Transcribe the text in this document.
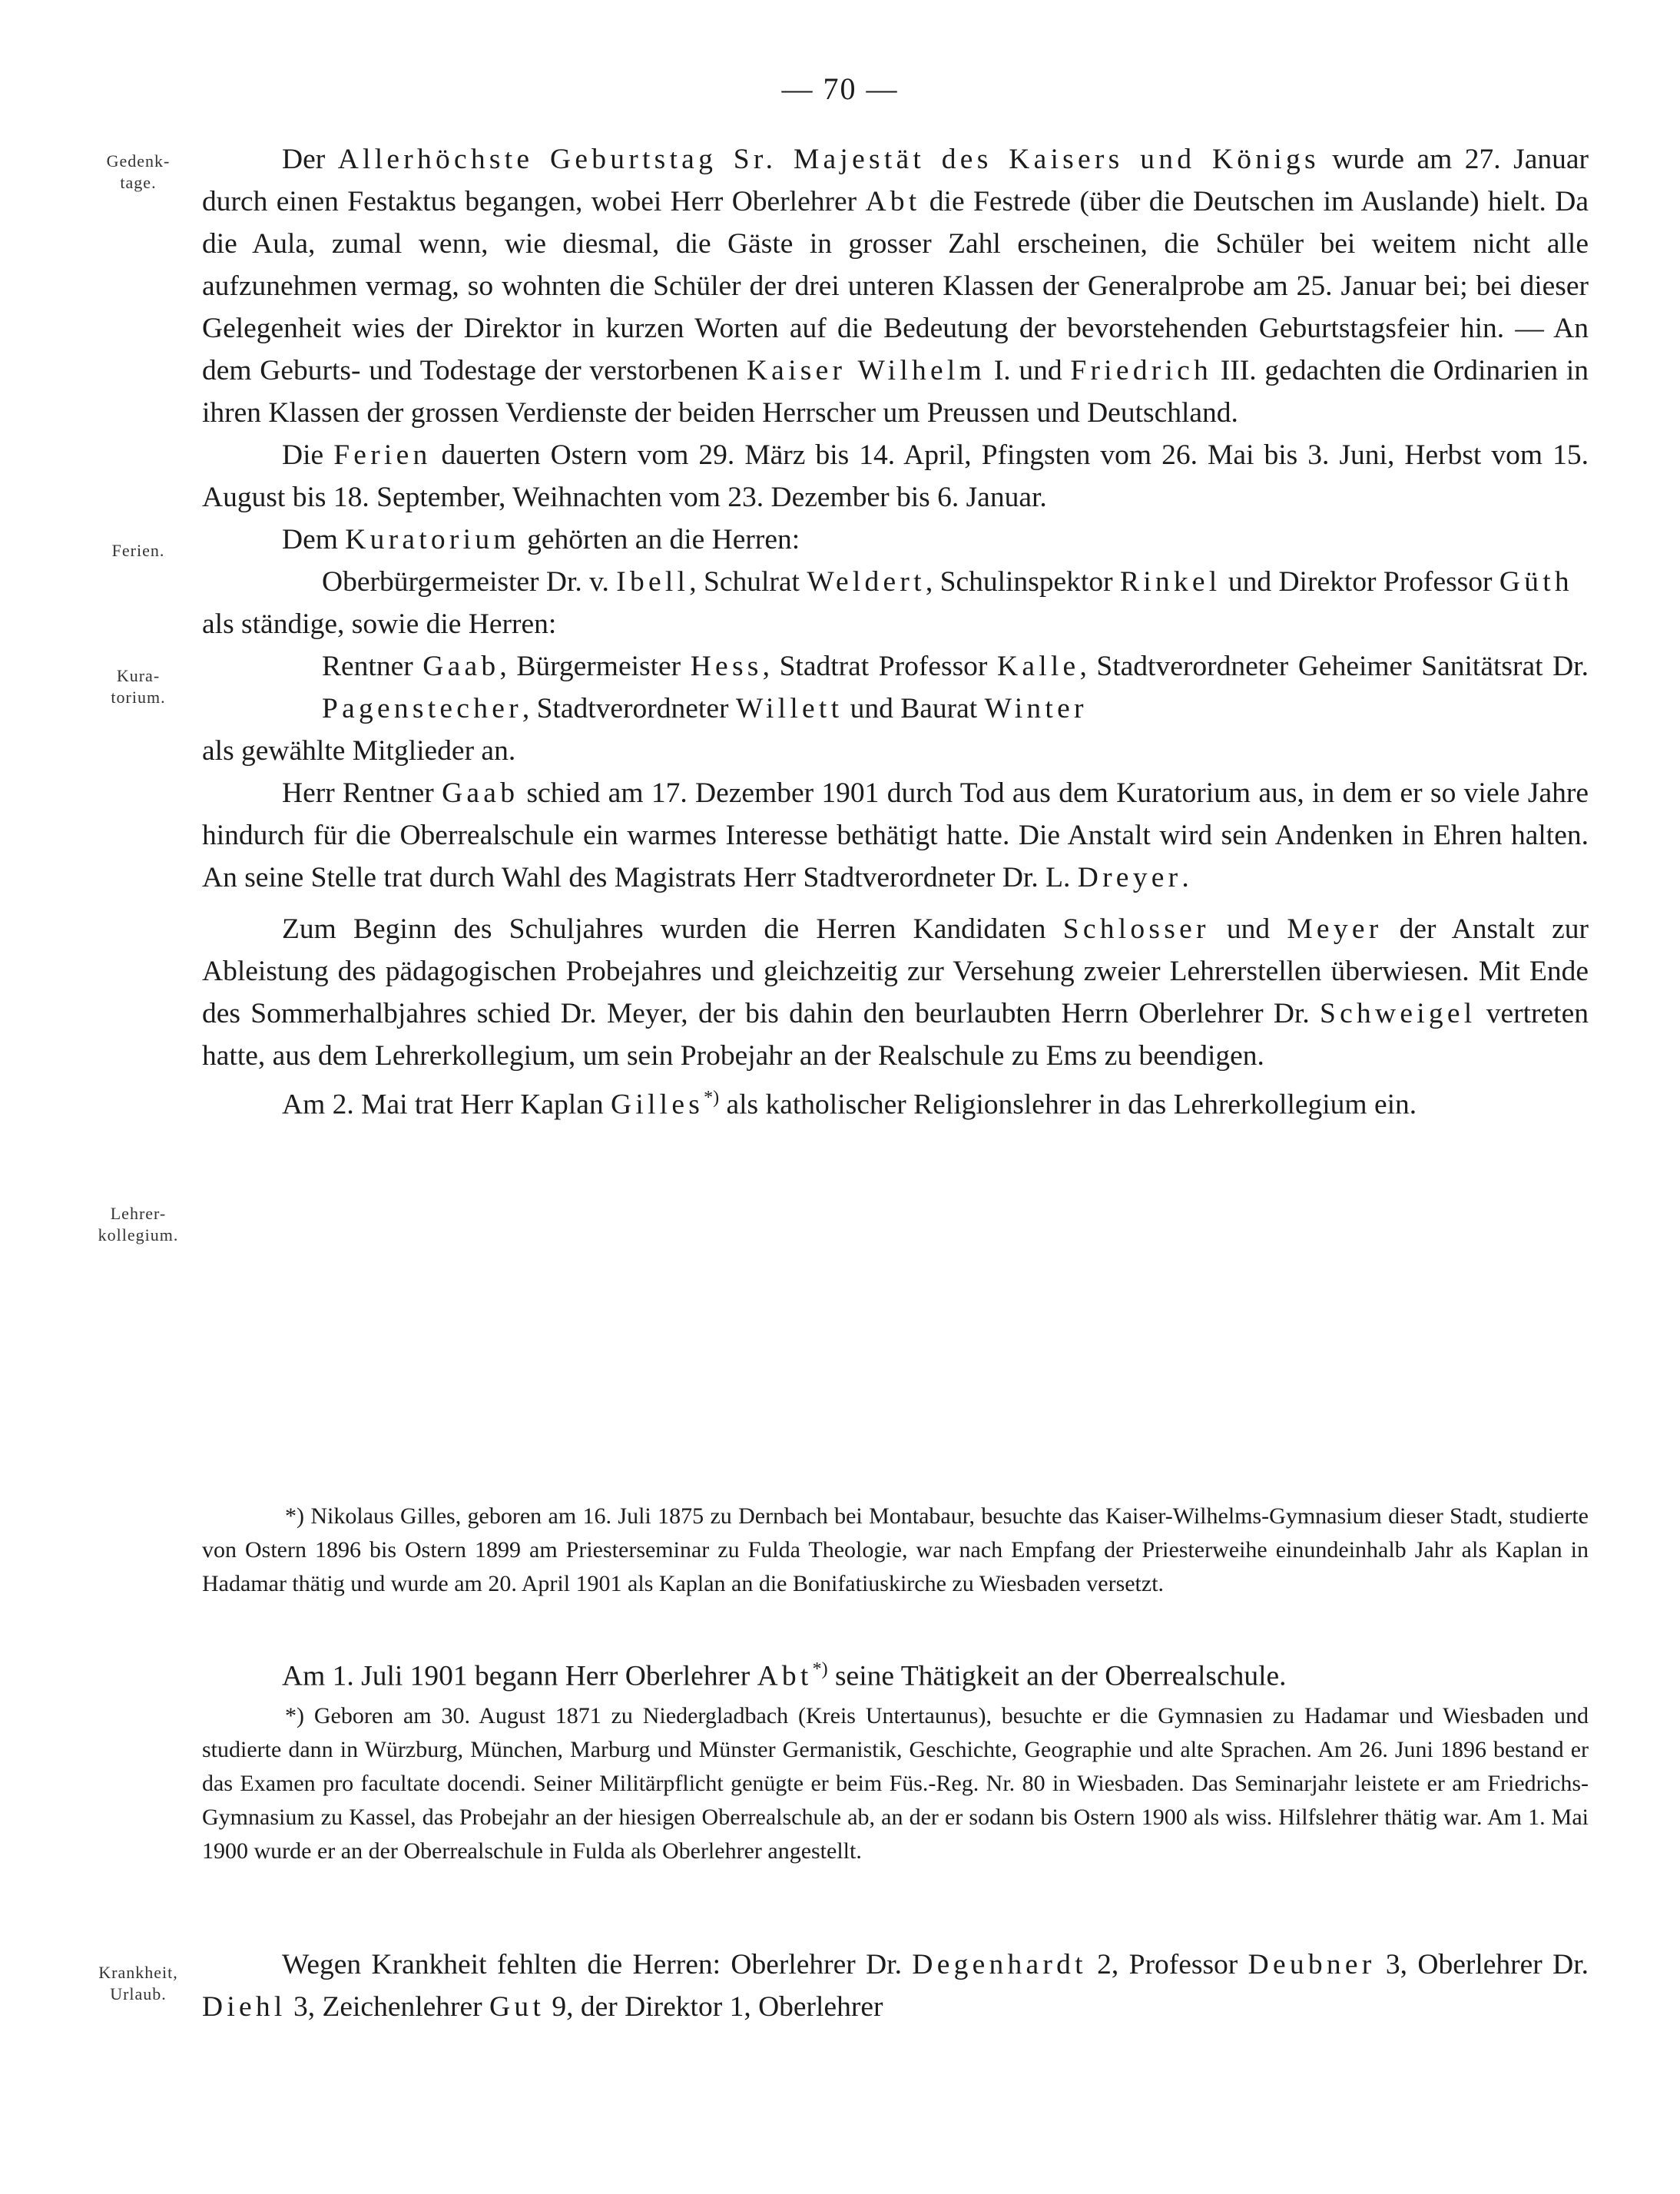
— 70 —
Gedenk-
tage.
Ferien.
Kura-
torium.
Lehrer-
kollegium.
Krankheit,
Urlaub.

Der Allerhöchste Geburtstag Sr. Majestät des Kaisers und Königs wurde am 27. Januar durch einen Festaktus begangen, wobei Herr Oberlehrer Abt die Festrede (über die Deutschen im Auslande) hielt. Da die Aula, zumal wenn, wie diesmal, die Gäste in grosser Zahl erscheinen, die Schüler bei weitem nicht alle aufzunehmen vermag, so wohnten die Schüler der drei unteren Klassen der Generalprobe am 25. Januar bei; bei dieser Gelegenheit wies der Direktor in kurzen Worten auf die Bedeutung der bevorstehenden Geburtstagsfeier hin. — An dem Geburts- und Todestage der verstorbenen Kaiser Wilhelm I. und Friedrich III. gedachten die Ordinarien in ihren Klassen der grossen Verdienste der beiden Herrscher um Preussen und Deutschland.

Die Ferien dauerten Ostern vom 29. März bis 14. April, Pfingsten vom 26. Mai bis 3. Juni, Herbst vom 15. August bis 18. September, Weihnachten vom 23. Dezember bis 6. Januar.

Dem Kuratorium gehörten an die Herren:

Oberbürgermeister Dr. v. Ibell, Schulrat Weldert, Schulinspektor Rinkel und Direktor Professor Güth

als ständige, sowie die Herren:

Rentner Gaab, Bürgermeister Hess, Stadtrat Professor Kalle, Stadtverordneter Geheimer Sanitätsrat Dr. Pagenstecher, Stadtverordneter Willett und Baurat Winter

als gewählte Mitglieder an.

Herr Rentner Gaab schied am 17. Dezember 1901 durch Tod aus dem Kuratorium aus, in dem er so viele Jahre hindurch für die Oberrealschule ein warmes Interesse bethätigt hatte. Die Anstalt wird sein Andenken in Ehren halten. An seine Stelle trat durch Wahl des Magistrats Herr Stadtverordneter Dr. L. Dreyer.

Zum Beginn des Schuljahres wurden die Herren Kandidaten Schlosser und Meyer der Anstalt zur Ableistung des pädagogischen Probejahres und gleichzeitig zur Versehung zweier Lehrerstellen überwiesen. Mit Ende des Sommerhalbjahres schied Dr. Meyer, der bis dahin den beurlaubten Herrn Oberlehrer Dr. Schweigel vertreten hatte, aus dem Lehrerkollegium, um sein Probejahr an der Realschule zu Ems zu beendigen.

Am 2. Mai trat Herr Kaplan Gilles*) als katholischer Religionslehrer in das Lehrerkollegium ein.

*) Nikolaus Gilles, geboren am 16. Juli 1875 zu Dernbach bei Montabaur, besuchte das Kaiser-Wilhelms-Gymnasium dieser Stadt, studierte von Ostern 1896 bis Ostern 1899 am Priesterseminar zu Fulda Theologie, war nach Empfang der Priesterweihe einundeinhalb Jahr als Kaplan in Hadamar thätig und wurde am 20. April 1901 als Kaplan an die Bonifatiuskirche zu Wiesbaden versetzt.

Am 1. Juli 1901 begann Herr Oberlehrer Abt*) seine Thätigkeit an der Oberrealschule.

*) Geboren am 30. August 1871 zu Niedergladbach (Kreis Untertaunus), besuchte er die Gymnasien zu Hadamar und Wiesbaden und studierte dann in Würzburg, München, Marburg und Münster Germanistik, Geschichte, Geographie und alte Sprachen. Am 26. Juni 1896 bestand er das Examen pro facultate docendi. Seiner Militärpflicht genügte er beim Füs.-Reg. Nr. 80 in Wiesbaden. Das Seminarjahr leistete er am Friedrichs-Gymnasium zu Kassel, das Probejahr an der hiesigen Oberrealschule ab, an der er sodann bis Ostern 1900 als wiss. Hilfslehrer thätig war. Am 1. Mai 1900 wurde er an der Oberrealschule in Fulda als Oberlehrer angestellt.

Wegen Krankheit fehlten die Herren: Oberlehrer Dr. Degenhardt 2, Professor Deubner 3, Oberlehrer Dr. Diehl 3, Zeichenlehrer Gut 9, der Direktor 1, Oberlehrer
